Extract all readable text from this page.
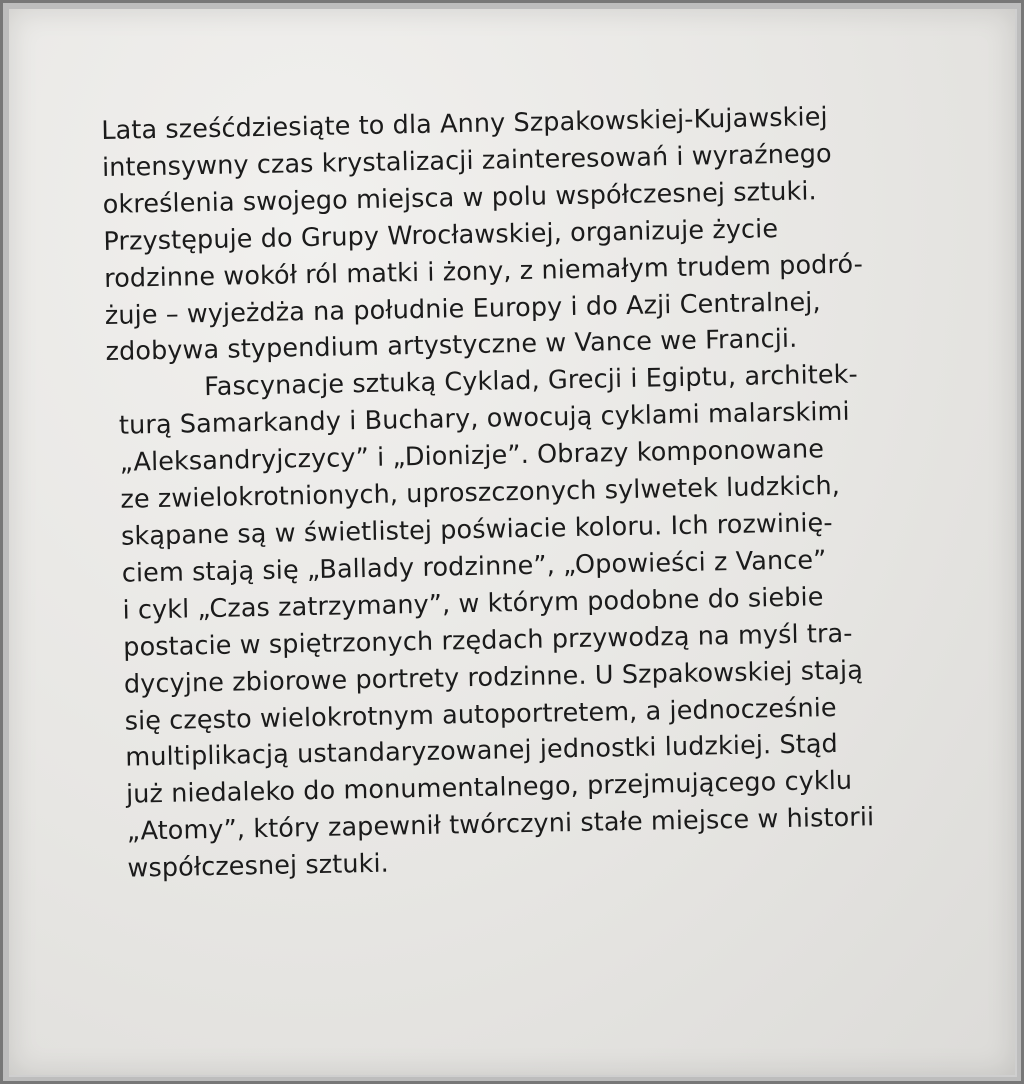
Lata sześćdziesiąte to dla Anny Szpakowskiej-Kujawskiej
intensywny czas krystalizacji zainteresowań i wyraźnego
określenia swojego miejsca w polu współczesnej sztuki.
Przystępuje do Grupy Wrocławskiej, organizuje życie
rodzinne wokół ról matki i żony, z niemałym trudem podró-
żuje – wyjeżdża na południe Europy i do Azji Centralnej,
zdobywa stypendium artystyczne w Vance we Francji.
Fascynacje sztuką Cyklad, Grecji i Egiptu, architek-
turą Samarkandy i Buchary, owocują cyklami malarskimi
„Aleksandryjczycy” i „Dionizje”. Obrazy komponowane
ze zwielokrotnionych, uproszczonych sylwetek ludzkich,
skąpane są w świetlistej poświacie koloru. Ich rozwinię-
ciem stają się „Ballady rodzinne”, „Opowieści z Vance”
i cykl „Czas zatrzymany”, w którym podobne do siebie
postacie w spiętrzonych rzędach przywodzą na myśl tra-
dycyjne zbiorowe portrety rodzinne. U Szpakowskiej stają
się często wielokrotnym autoportretem, a jednocześnie
multiplikacją ustandaryzowanej jednostki ludzkiej. Stąd
już niedaleko do monumentalnego, przejmującego cyklu
„Atomy”, który zapewnił twórczyni stałe miejsce w historii
współczesnej sztuki.
